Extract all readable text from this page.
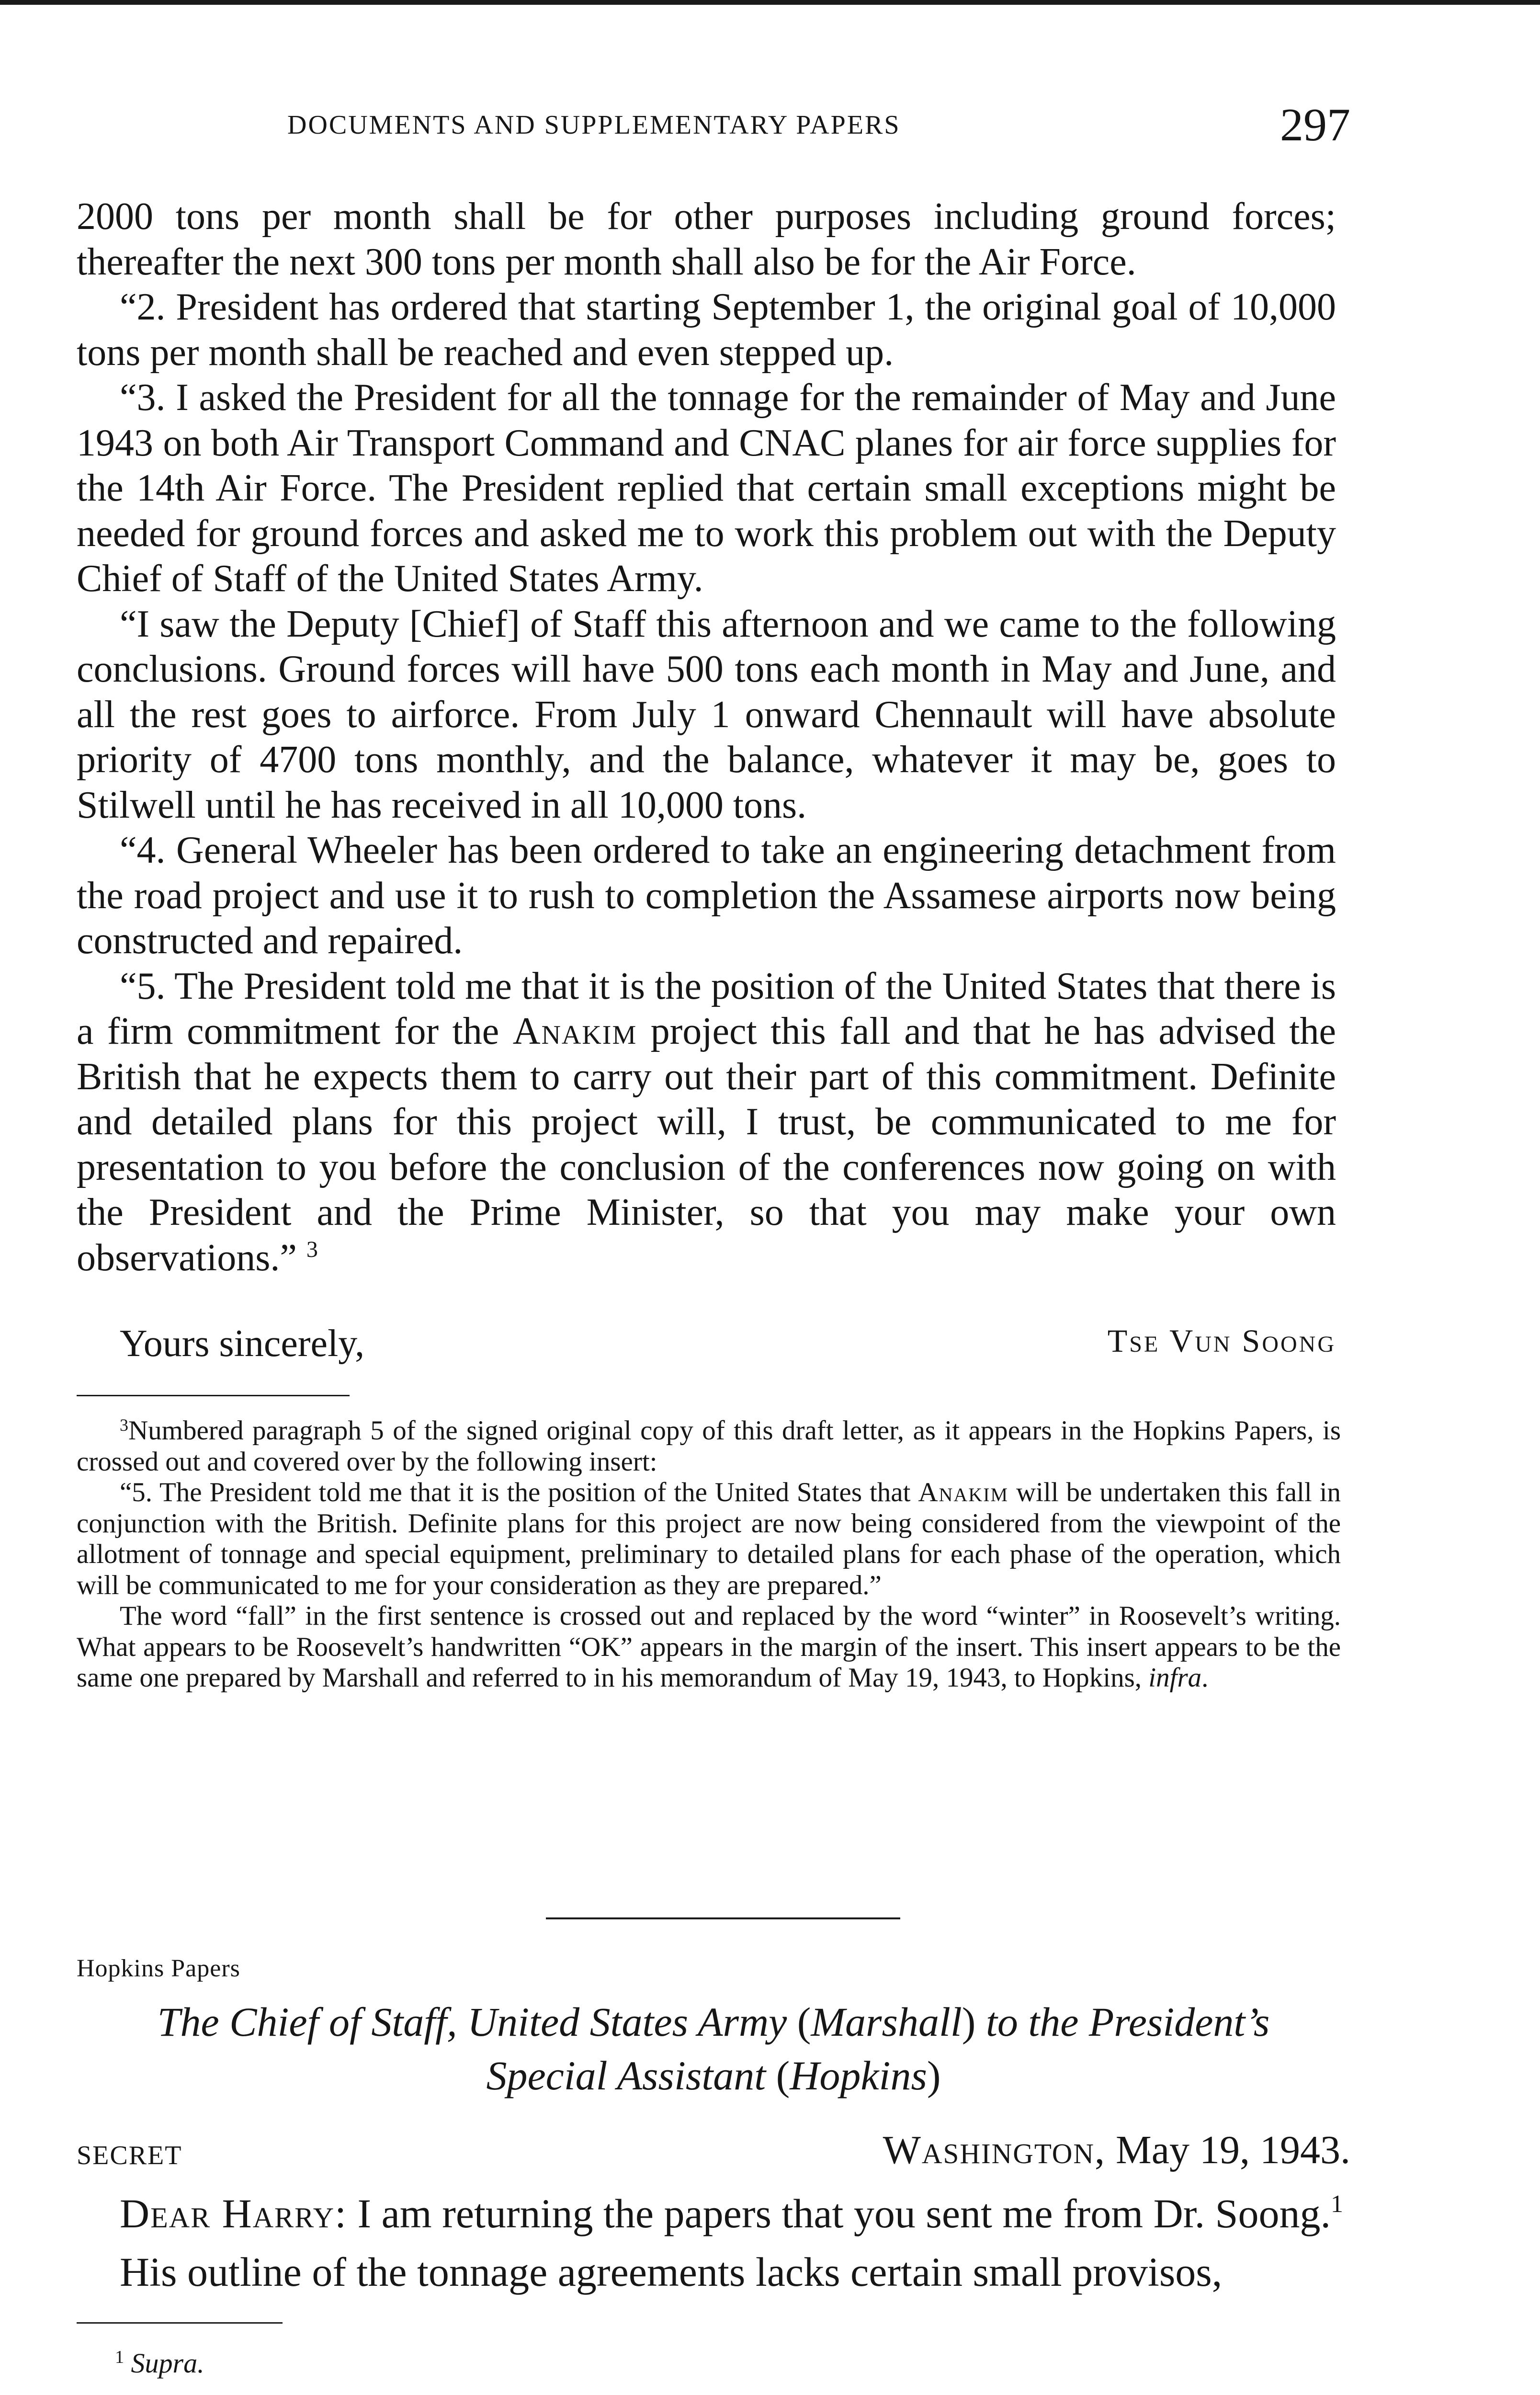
DOCUMENTS AND SUPPLEMENTARY PAPERS	297

2000 tons per month shall be for other purposes including ground forces; thereafter the next 300 tons per month shall also be for the Air Force.

“2. President has ordered that starting September 1, the original goal of 10,000 tons per month shall be reached and even stepped up.

“3. I asked the President for all the tonnage for the remainder of May and June 1943 on both Air Transport Command and CNAC planes for air force supplies for the 14th Air Force. The President replied that certain small exceptions might be needed for ground forces and asked me to work this problem out with the Deputy Chief of Staff of the United States Army.

“I saw the Deputy [Chief] of Staff this afternoon and we came to the following conclusions. Ground forces will have 500 tons each month in May and June, and all the rest goes to airforce. From July 1 onward Chennault will have absolute priority of 4700 tons monthly, and the balance, whatever it may be, goes to Stilwell until he has received in all 10,000 tons.

“4. General Wheeler has been ordered to take an engineering detachment from the road project and use it to rush to completion the Assamese airports now being constructed and repaired.

“5. The President told me that it is the position of the United States that there is a firm commitment for the Anakim project this fall and that he has advised the British that he expects them to carry out their part of this commitment. Definite and detailed plans for this project will, I trust, be communicated to me for presentation to you before the conclusion of the conferences now going on with the President and the Prime Minister, so that you may make your own observations.” $^3$

Yours sincerely,	Tse Vun Soong

$^3$Numbered paragraph 5 of the signed original copy of this draft letter, as it appears in the Hopkins Papers, is crossed out and covered over by the following insert:

“5. The President told me that it is the position of the United States that Anakim will be undertaken this fall in conjunction with the British. Definite plans for this project are now being considered from the viewpoint of the allotment of tonnage and special equipment, preliminary to detailed plans for each phase of the operation, which will be communicated to me for your consideration as they are prepared.”

The word “fall” in the first sentence is crossed out and replaced by the word “winter” in Roosevelt’s writing. What appears to be Roosevelt’s handwritten “OK” appears in the margin of the insert. This insert appears to be the same one prepared by Marshall and referred to in his memorandum of May 19, 1943, to Hopkins, infra.

Hopkins Papers
The Chief of Staff, United States Army (Marshall) to the President’s
Special Assistant (Hopkins)
SECRET	Washington, May 19, 1943.

Dear Harry: I am returning the papers that you sent me from Dr. Soong.$^1$

His outline of the tonnage agreements lacks certain small provisos,

$^1$ Supra.
